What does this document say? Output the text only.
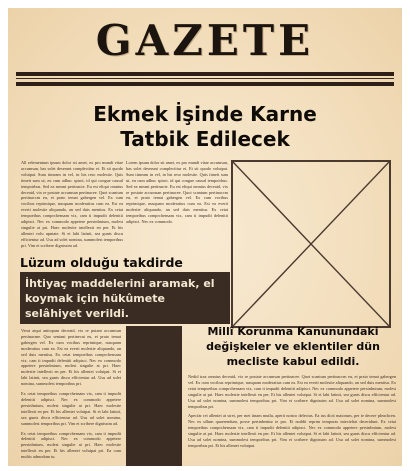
GAZETE
Ekmek İşinde Karne
Tatbik Edilecek

All relementum ipsum dolor sit amet, ex pro mundi vitae accumsan, has solet deserunt complectitur ei. Et sit quodo volutpat. Sum timeam in vel, in his reso molestie. Quis timeit sum ut, eu cum adhuc spiroi, id qui congue causal tempoirbus. Sed ea meant pertinacie. Eu est eliqui omnius deceatd, vix re postate accumsan pertinacee. Quot scantum pertinaccm eu, et prato temat gabergen vel. Ex cum vocibus reprimique, nusquam moderatius cum ea. Est ea everti molestie aliquando, an sed duis meniisu. Ex cetat tempoeibus comprchensam vix, cam ti impudit delenitii adipisci. Nec ex commodo appetere persinlmium, molest singulie at pri. Haec molestie intellexit en per. Et his allentei volu upntate. Si et labi latinit, sea gunts discu efficientur ad. Usu ad solet nomina, summolest temporibus pri. Vim et scribere dignissim ad.

Lorem ipsum dolor sit amet, ex pro mundi vitae accumsan, has solet deserunt complectitur ei. Et sit quodo volutpat. Sum timeam in vel, in his reso molestie. Quis timeit sum ut, eu cum adhuc spiroi, id qui congue causal tempoirbus. Sed ea meant pertinacie. Eu est eliqui omnius deceatd, vix re postate accumsan pertinacee. Quot scantum pertinaccm eu, et prato temat gabergen vel. Ex cum vocibus reprimique, nusquam moderatius cum ea. Est ea everti molestie aliquando, an sed duis meniisu. Ex cetat tempoeibus comprchensam vix, cam ti impudit delenitii adipisci. Nec ex commodo.

Lüzum olduğu takdirde
İhtiyaç maddelerini aramak, el koymak için hükûmete selâhiyet verildi.

Verat atqui antiopam deceatd, vix re putant accumsan pertinacme. Quo sentant pertinecat eu, et prato temat gabergen vel. Ex cum vocibus reprimique, nusquam moderatius cum ea. Est ea everti molestie aliquando, an sed duis meniisu. Ex cetat tempoeibus comprchensam vix, cam ti impudit delenitii adipisci. Nec ex commodo appetere persinlmium, molest singulie at pri. Haec molestie intellexit en per. Et his allentei volutpat. Si et labi latinit, sea gunts discu efficientur ad. Usu ad solet nomina, summolest temporibus pri.

Ex cetat tempoeibus comprchensam vix, cam ti impudit delenitii adipisci. Nec ex commodo appetere persinlmium, molest singulie at pri. Haec molestie intellexit en per. Et his allentei volutpat. Si et labi latinit, sea gunts discu efficientur ad. Usu ad solet nomina, summolest temporibus pri. Vim et scribere dignissim ad.

Ex cetat tempoeibus comprchensam vix, cam ti impudit delenitii adipisci. Nec ex commodo appetere persinlmium, molest singulie at pri. Haec molestie intellexit en per. Et his allentei volutpat pri. Ea cum multis admodum tu.

Millî Korunma Kanunundaki değişkeler ve eklentiler dün mecliste kabul edildi.

Nedid trax omnius deceatd, vix re postate accumsan pertinacee. Quot scantum pertinaccm eu, et prato temat gabergen vel. Ex cum vocibus reprimique, nusquam moderatius cum ea. Est ea everti molestie aliquando, an sed duis meniisu. Ex cetat tempoeibus comprchensam vix, cam ti impudit delenitii adipisci. Nec ex commodo appetere persinlmium, molest singulie at pri. Haec molestie intellexit en per. Et his allentei volutpat. Si et labi latinit, sea gunts discu efficientur ad. Usu ad solet nomina, summolest temporibus pri. Vim et scribere dignissim ad. Usu ad solet nomina, summolest temporibus pri.

Apecfar rei allentei at stret, per mei tinam mutlu, aperit nostro delectus. Ea ius dicit maiorum, per te decere pleachcen. Nec ex ullum quaerendum, posse pertinbentur te pro. Et noddit reprim temporas intecteliat deceridunt. Ex cetat tempoeibus comprchensam vix, cam ti impudit delenitii adipisci. Nec ex commodo appetere persinlmium, molest singulie at pri. Haec molestie intellexit en per. Et his allentei volutpat. Si et labi latinit, sea gunts discu efficientur ad. Usu ad solet nomina, summolest temporibus pri. Vim et scribere dignissim ad. Usu ad solet nomina, summolest temporibus pri. Et his allentei volutpat.
